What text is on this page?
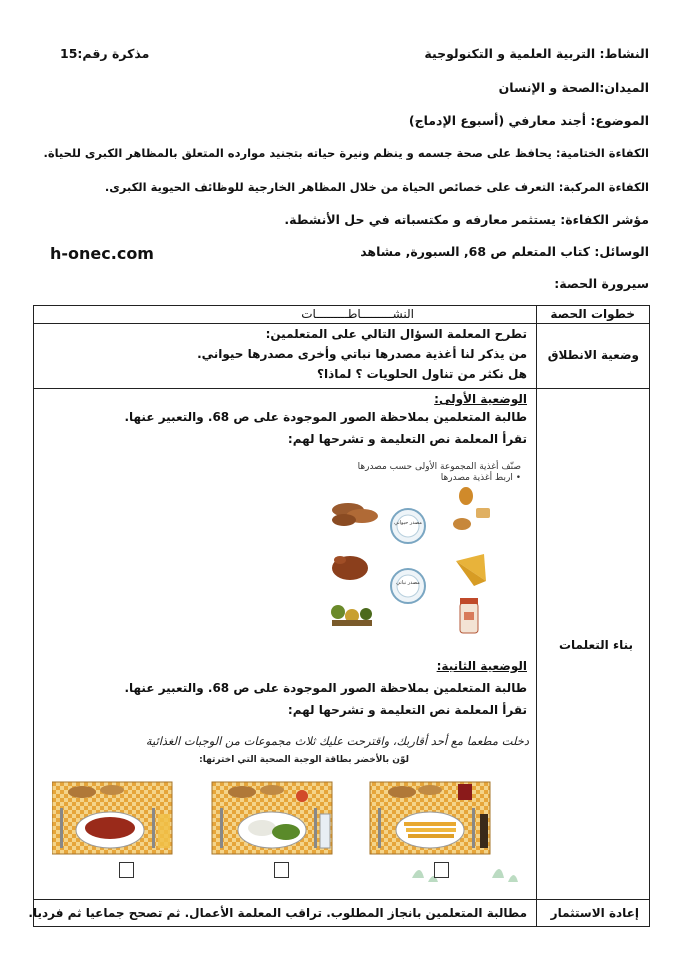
النشاط: التربية العلمية و التكنولوجية
مذكرة رقم:15
الميدان:الصحة و الإنسان
الموضوع: أجند معارفي (أسبوع الإدماج)
الكفاءة الختامية: يحافظ على صحة جسمه و ينظم ونيرة حياته بتجنيد موارده المتعلق بالمظاهر الكبرى للحياة.
الكفاءة المركبة: التعرف على خصائص الحياة من خلال المظاهر الخارجية للوظائف الحيوية الكبرى.
مؤشر الكفاءة: يستثمر معارفه و مكتسباته في حل الأنشطة.
الوسائل: كتاب المتعلم ص 68, السبورة, مشاهد
h-onec.com
سيرورة الحصة:
خطوات الحصة
النشـــــــــاطـــــــــات
وضعية الانطلاق
تطرح المعلمة السؤال التالي على المتعلمين:
من يذكر لنا أغذية مصدرها نباتي وأخرى مصدرها حيواني.
هل نكثر من تناول الحلويات ؟ لماذا؟
بناء التعلمات
الوضعية الأولى:
طالبة المتعلمين بملاحظة الصور الموجودة على ص 68. والتعبير عنها.
تقرأ المعلمة نص التعليمة و تشرحها لهم:
صنّف أغذية المجموعة الأولى حسب مصدرها
• اربط أغذية مصدرها
مصدر حيواني
مصدر نباتي
الوضعية الثانية:
طالبة المتعلمين بملاحظة الصور الموجودة على ص 68. والتعبير عنها.
تقرأ المعلمة نص التعليمة و تشرحها لهم:
دخلت مطعما مع أحد أقاربك، واقترحت عليك ثلاث مجموعات من الوجبات الغذائية
لوّن بالأخضر بطاقة الوجبة الصحية التي اخترتها:
إعادة الاستثمار
مطالبة المتعلمين بانجاز المطلوب. تراقب المعلمة الأعمال. ثم تصحح جماعيا ثم فرديا.
